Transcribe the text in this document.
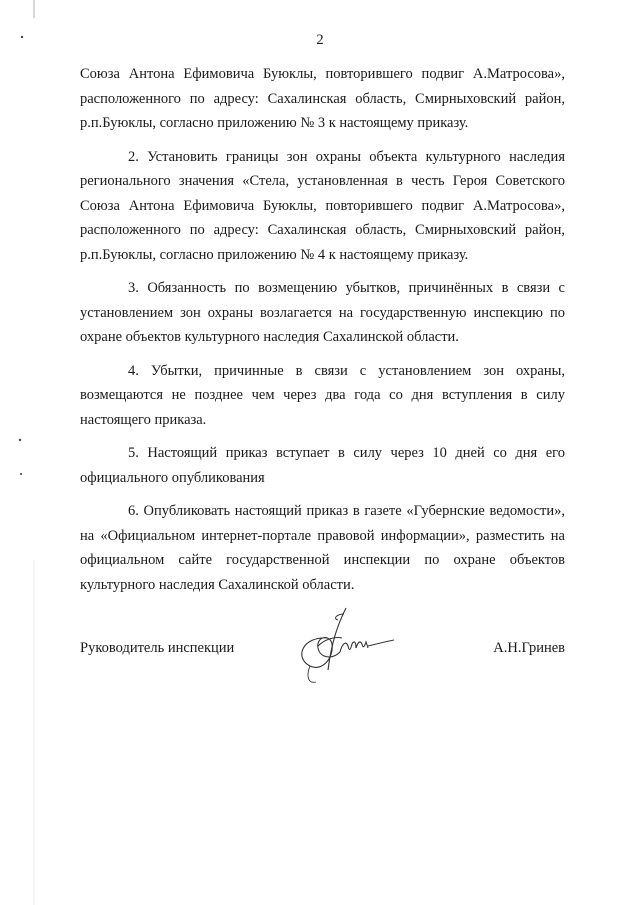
2

Союза Антона Ефимовича Буюклы, повторившего подвиг А.Матросова», расположенного по адресу: Сахалинская область, Смирныховский район, р.п.Буюклы, согласно приложению № 3 к настоящему приказу.

2. Установить границы зон охраны объекта культурного наследия регионального значения «Стела, установленная в честь Героя Советского Союза Антона Ефимовича Буюклы, повторившего подвиг А.Матросова», расположенного по адресу: Сахалинская область, Смирныховский район, р.п.Буюклы, согласно приложению № 4 к настоящему приказу.

3. Обязанность по возмещению убытков, причинённых в связи с установлением зон охраны возлагается на государственную инспекцию по охране объектов культурного наследия Сахалинской области.

4. Убытки, причинные в связи с установлением зон охраны, возмещаются не позднее чем через два года со дня вступления в силу настоящего приказа.

5. Настоящий приказ вступает в силу через 10 дней со дня его официального опубликования

6. Опубликовать настоящий приказ в газете «Губернские ведомости», на «Официальном интернет-портале правовой информации», разместить на официальном сайте государственной инспекции по охране объектов культурного наследия Сахалинской области.

Руководитель инспекции	А.Н.Гринев
